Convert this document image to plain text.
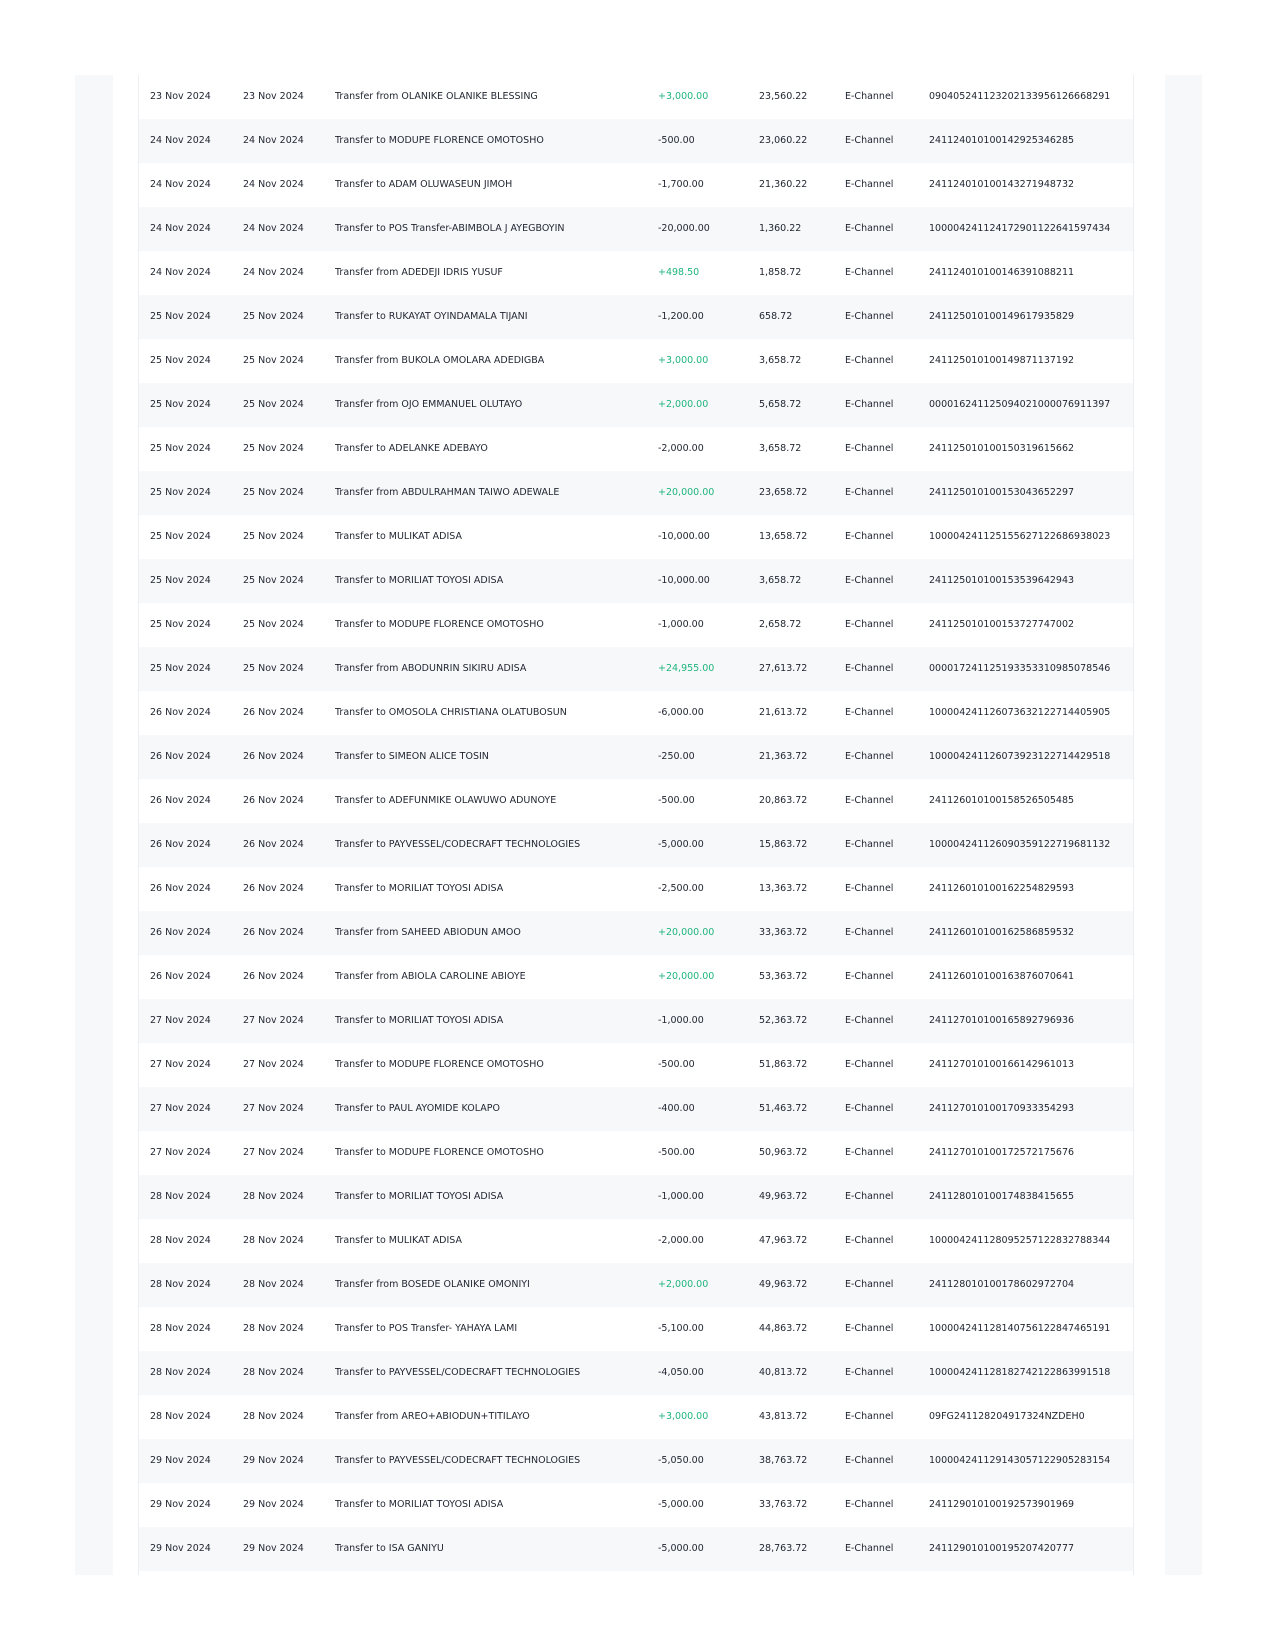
23 Nov 2024	23 Nov 2024	Transfer from OLANIKE OLANIKE BLESSING	+3,000.00	23,560.22	E-Channel	090405241123202133956126668291
24 Nov 2024	24 Nov 2024	Transfer to MODUPE FLORENCE OMOTOSHO	-500.00	23,060.22	E-Channel	241124010100142925346285
24 Nov 2024	24 Nov 2024	Transfer to ADAM OLUWASEUN JIMOH	-1,700.00	21,360.22	E-Channel	241124010100143271948732
24 Nov 2024	24 Nov 2024	Transfer to POS Transfer-ABIMBOLA J AYEGBOYIN	-20,000.00	1,360.22	E-Channel	100004241124172901122641597434
24 Nov 2024	24 Nov 2024	Transfer from ADEDEJI IDRIS YUSUF	+498.50	1,858.72	E-Channel	241124010100146391088211
25 Nov 2024	25 Nov 2024	Transfer to RUKAYAT OYINDAMALA TIJANI	-1,200.00	658.72	E-Channel	241125010100149617935829
25 Nov 2024	25 Nov 2024	Transfer from BUKOLA OMOLARA ADEDIGBA	+3,000.00	3,658.72	E-Channel	241125010100149871137192
25 Nov 2024	25 Nov 2024	Transfer from OJO EMMANUEL OLUTAYO	+2,000.00	5,658.72	E-Channel	000016241125094021000076911397
25 Nov 2024	25 Nov 2024	Transfer to ADELANKE ADEBAYO	-2,000.00	3,658.72	E-Channel	241125010100150319615662
25 Nov 2024	25 Nov 2024	Transfer from ABDULRAHMAN TAIWO ADEWALE	+20,000.00	23,658.72	E-Channel	241125010100153043652297
25 Nov 2024	25 Nov 2024	Transfer to MULIKAT ADISA	-10,000.00	13,658.72	E-Channel	100004241125155627122686938023
25 Nov 2024	25 Nov 2024	Transfer to MORILIAT TOYOSI ADISA	-10,000.00	3,658.72	E-Channel	241125010100153539642943
25 Nov 2024	25 Nov 2024	Transfer to MODUPE FLORENCE OMOTOSHO	-1,000.00	2,658.72	E-Channel	241125010100153727747002
25 Nov 2024	25 Nov 2024	Transfer from ABODUNRIN SIKIRU ADISA	+24,955.00	27,613.72	E-Channel	000017241125193353310985078546
26 Nov 2024	26 Nov 2024	Transfer to OMOSOLA CHRISTIANA OLATUBOSUN	-6,000.00	21,613.72	E-Channel	100004241126073632122714405905
26 Nov 2024	26 Nov 2024	Transfer to SIMEON ALICE TOSIN	-250.00	21,363.72	E-Channel	100004241126073923122714429518
26 Nov 2024	26 Nov 2024	Transfer to ADEFUNMIKE OLAWUWO ADUNOYE	-500.00	20,863.72	E-Channel	241126010100158526505485
26 Nov 2024	26 Nov 2024	Transfer to PAYVESSEL/CODECRAFT TECHNOLOGIES	-5,000.00	15,863.72	E-Channel	100004241126090359122719681132
26 Nov 2024	26 Nov 2024	Transfer to MORILIAT TOYOSI ADISA	-2,500.00	13,363.72	E-Channel	241126010100162254829593
26 Nov 2024	26 Nov 2024	Transfer from SAHEED ABIODUN AMOO	+20,000.00	33,363.72	E-Channel	241126010100162586859532
26 Nov 2024	26 Nov 2024	Transfer from ABIOLA CAROLINE ABIOYE	+20,000.00	53,363.72	E-Channel	241126010100163876070641
27 Nov 2024	27 Nov 2024	Transfer to MORILIAT TOYOSI ADISA	-1,000.00	52,363.72	E-Channel	241127010100165892796936
27 Nov 2024	27 Nov 2024	Transfer to MODUPE FLORENCE OMOTOSHO	-500.00	51,863.72	E-Channel	241127010100166142961013
27 Nov 2024	27 Nov 2024	Transfer to PAUL AYOMIDE KOLAPO	-400.00	51,463.72	E-Channel	241127010100170933354293
27 Nov 2024	27 Nov 2024	Transfer to MODUPE FLORENCE OMOTOSHO	-500.00	50,963.72	E-Channel	241127010100172572175676
28 Nov 2024	28 Nov 2024	Transfer to MORILIAT TOYOSI ADISA	-1,000.00	49,963.72	E-Channel	241128010100174838415655
28 Nov 2024	28 Nov 2024	Transfer to MULIKAT ADISA	-2,000.00	47,963.72	E-Channel	100004241128095257122832788344
28 Nov 2024	28 Nov 2024	Transfer from BOSEDE OLANIKE OMONIYI	+2,000.00	49,963.72	E-Channel	241128010100178602972704
28 Nov 2024	28 Nov 2024	Transfer to POS Transfer- YAHAYA LAMI	-5,100.00	44,863.72	E-Channel	100004241128140756122847465191
28 Nov 2024	28 Nov 2024	Transfer to PAYVESSEL/CODECRAFT TECHNOLOGIES	-4,050.00	40,813.72	E-Channel	100004241128182742122863991518
28 Nov 2024	28 Nov 2024	Transfer from AREO+ABIODUN+TITILAYO	+3,000.00	43,813.72	E-Channel	09FG241128204917324NZDEH0
29 Nov 2024	29 Nov 2024	Transfer to PAYVESSEL/CODECRAFT TECHNOLOGIES	-5,050.00	38,763.72	E-Channel	100004241129143057122905283154
29 Nov 2024	29 Nov 2024	Transfer to MORILIAT TOYOSI ADISA	-5,000.00	33,763.72	E-Channel	241129010100192573901969
29 Nov 2024	29 Nov 2024	Transfer to ISA GANIYU	-5,000.00	28,763.72	E-Channel	241129010100195207420777
